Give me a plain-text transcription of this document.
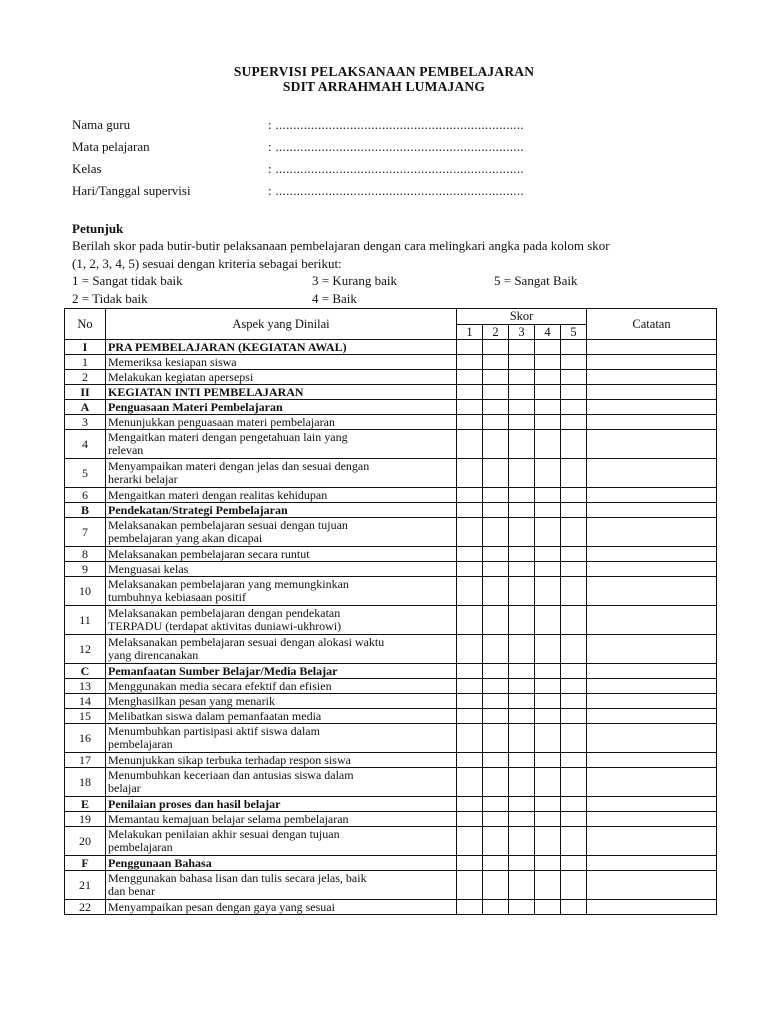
SUPERVISI PELAKSANAAN PEMBELAJARAN
SDIT ARRAHMAH LUMAJANG
Nama guru	: ......................................................................
Mata pelajaran	: ......................................................................
Kelas	: ......................................................................
Hari/Tanggal supervisi	: ......................................................................
Petunjuk
Berilah skor pada butir-butir pelaksanaan pembelajaran dengan cara melingkari angka pada kolom skor
(1, 2, 3, 4, 5) sesuai dengan kriteria sebagai berikut:
1 = Sangat tidak baik	3 = Kurang baik	5 = Sangat Baik
2 = Tidak baik	4 = Baik
No	Aspek yang Dinilai	Skor					Catatan
		1	2	3	4	5	
I	PRA PEMBELAJARAN (KEGIATAN AWAL)						

1	Memeriksa kesiapan siswa						

2	Melakukan kegiatan apersepsi						

II	KEGIATAN INTI PEMBELAJARAN						

A	Penguasaan Materi Pembelajaran						

3	Menunjukkan penguasaan materi pembelajaran						

4	Mengaitkan materi dengan pengetahuan lain yang
relevan						

5	Menyampaikan materi dengan jelas dan sesuai dengan
herarki belajar						

6	Mengaitkan materi dengan realitas kehidupan						

B	Pendekatan/Strategi Pembelajaran						

7	Melaksanakan pembelajaran sesuai dengan tujuan
pembelajaran yang akan dicapai						

8	Melaksanakan pembelajaran secara runtut						

9	Menguasai kelas						

10	Melaksanakan pembelajaran yang memungkinkan
tumbuhnya kebiasaan positif						

11	Melaksanakan pembelajaran dengan pendekatan
TERPADU (terdapat aktivitas duniawi-ukhrowi)						

12	Melaksanakan pembelajaran sesuai dengan alokasi waktu
yang direncanakan						

C	Pemanfaatan Sumber Belajar/Media Belajar						

13	Menggunakan media secara efektif dan efisien						

14	Menghasilkan pesan yang menarik						

15	Melibatkan siswa dalam pemanfaatan media						

16	Menumbuhkan partisipasi aktif siswa dalam
pembelajaran						

17	Menunjukkan sikap terbuka terhadap respon siswa						

18	Menumbuhkan keceriaan dan antusias siswa dalam
belajar						

E	Penilaian proses dan hasil belajar						

19	Memantau kemajuan belajar selama pembelajaran						

20	Melakukan penilaian akhir sesuai dengan tujuan
pembelajaran						

F	Penggunaan Bahasa						

21	Menggunakan bahasa lisan dan tulis secara jelas, baik
dan benar						

22	Menyampaikan pesan dengan gaya yang sesuai						
